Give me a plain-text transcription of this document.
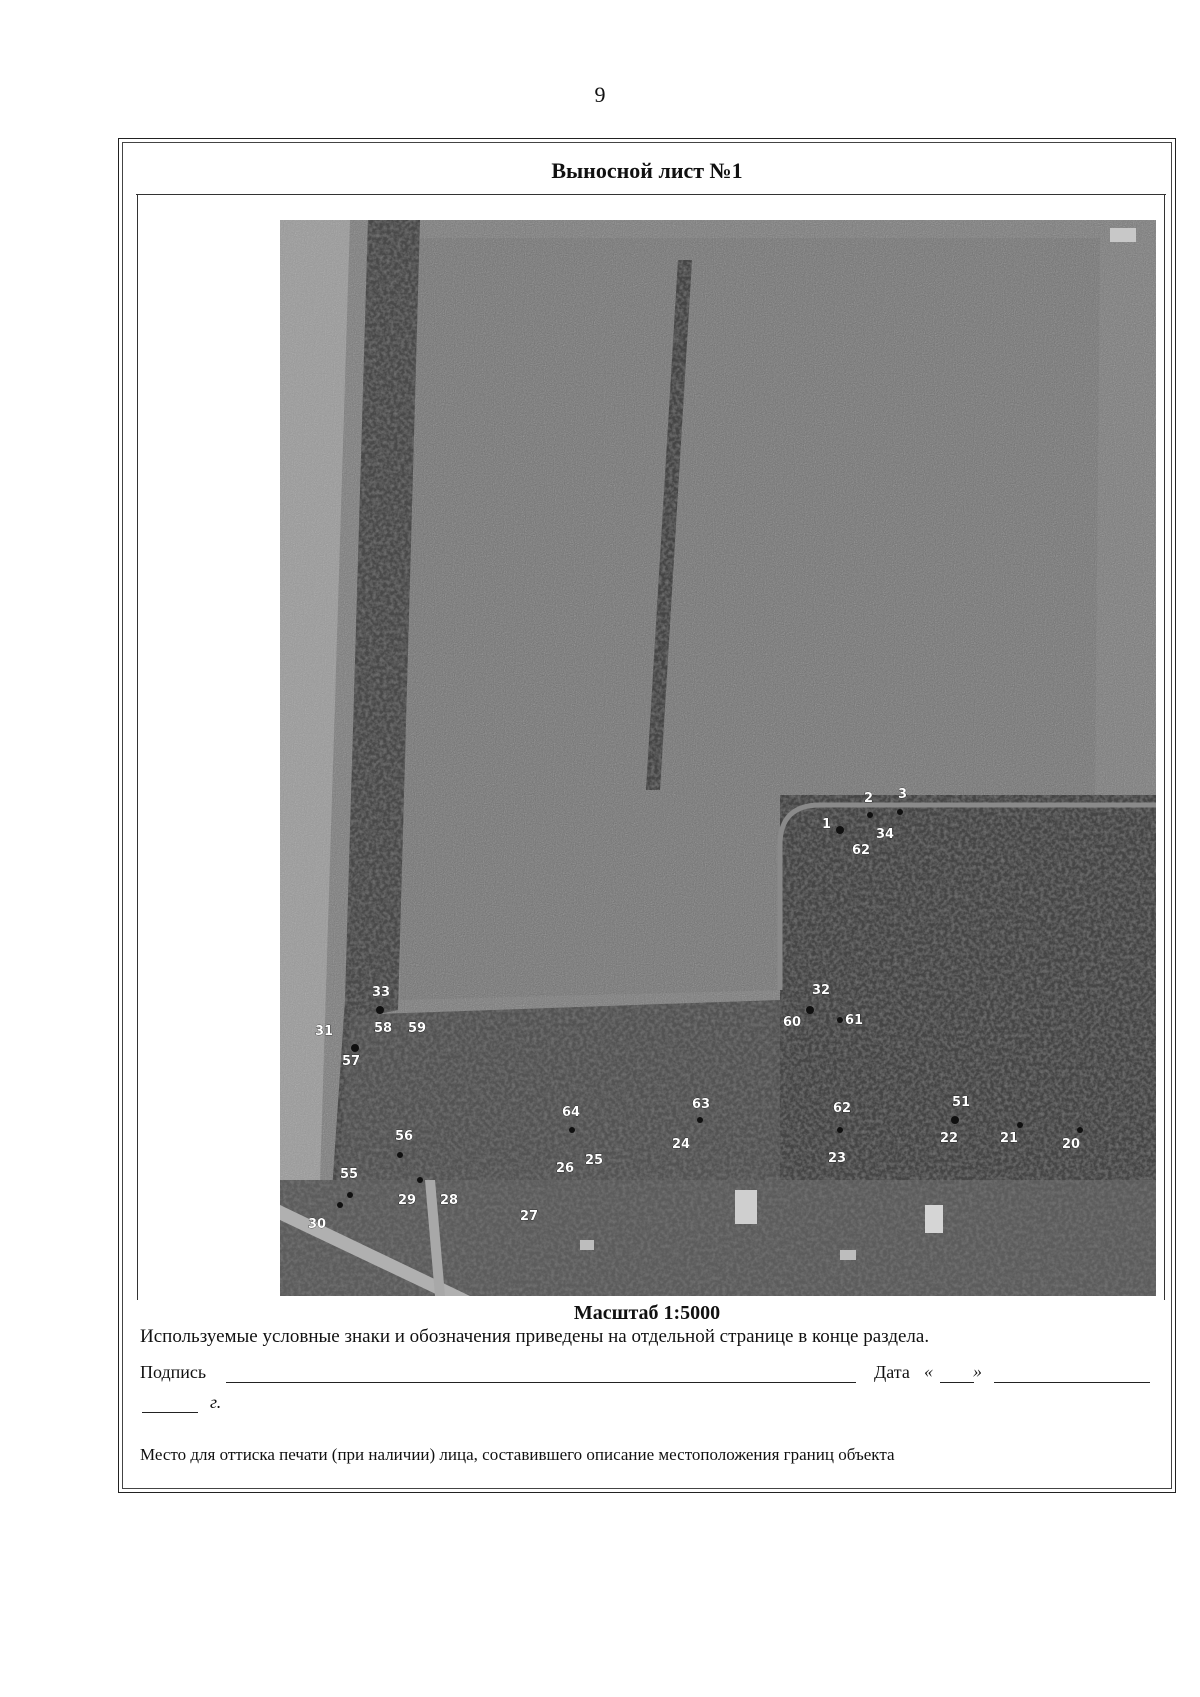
9
Выносной лист №1
1
2 3
34
62
33
58 59
31
57
32
60	61
64
63	62	51
22	21	20
56
55
24
26
25	23
29 28
27
30
Масштаб 1:5000
Используемые условные знаки и обозначения приведены на отдельной странице в конце раздела.
Подпись	Дата « »
г.
Место для оттиска печати (при наличии) лица, составившего описание местоположения границ объекта
